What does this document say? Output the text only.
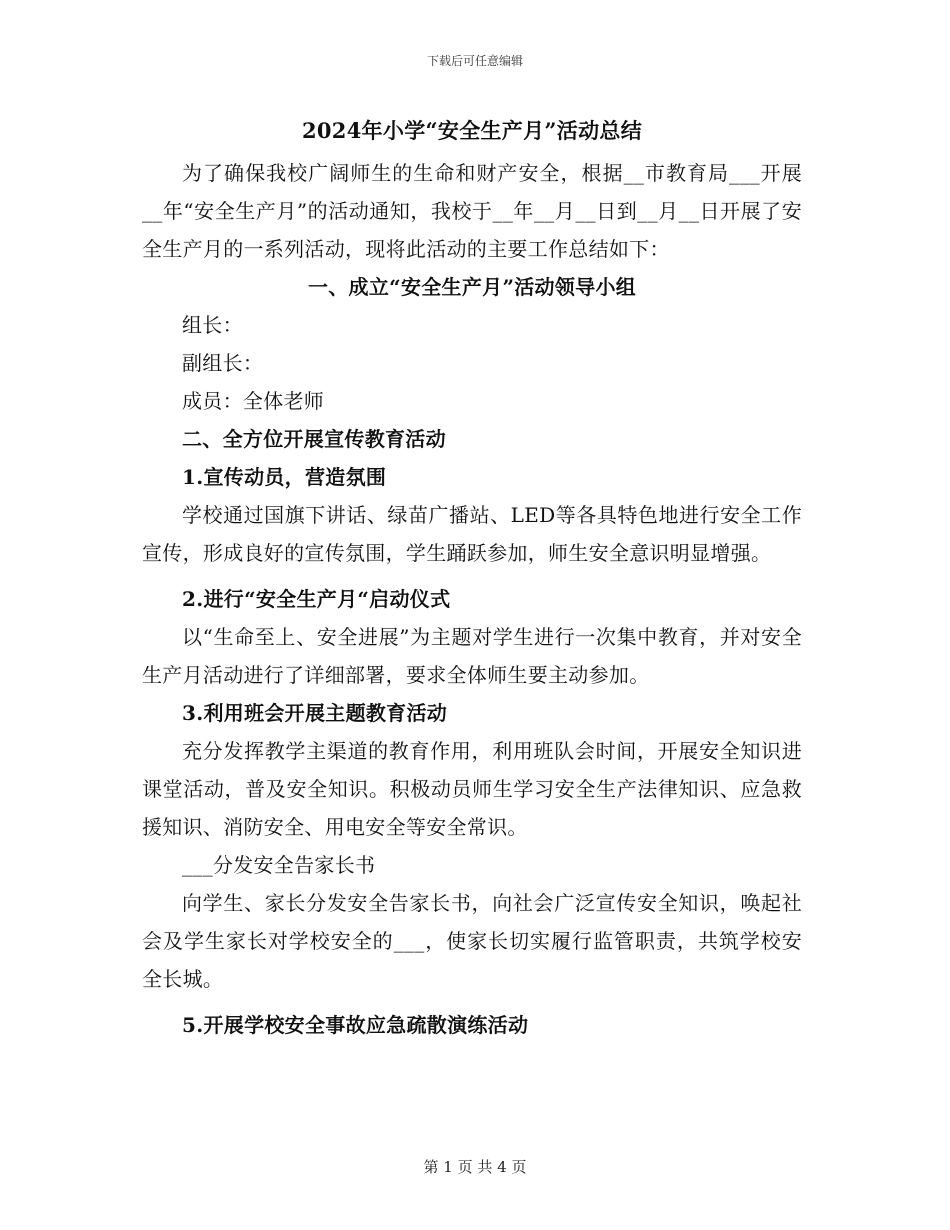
下载后可任意编辑

2024年小学“安全生产月”活动总结

为了确保我校广阔师生的生命和财产安全，根据__市教育局___开展__年“安全生产月”的活动通知，我校于__年__月__日到__月__日开展了安全生产月的一系列活动，现将此活动的主要工作总结如下：

一、成立“安全生产月”活动领导小组

组长：

副组长：

成员：全体老师

二、全方位开展宣传教育活动

1.宣传动员，营造氛围

学校通过国旗下讲话、绿苗广播站、LED等各具特色地进行安全工作宣传，形成良好的宣传氛围，学生踊跃参加，师生安全意识明显增强。

2.进行“安全生产月“启动仪式

以“生命至上、安全进展”为主题对学生进行一次集中教育，并对安全生产月活动进行了详细部署，要求全体师生要主动参加。

3.利用班会开展主题教育活动

充分发挥教学主渠道的教育作用，利用班队会时间，开展安全知识进课堂活动，普及安全知识。积极动员师生学习安全生产法律知识、应急救援知识、消防安全、用电安全等安全常识。

___分发安全告家长书

向学生、家长分发安全告家长书，向社会广泛宣传安全知识，唤起社会及学生家长对学校安全的___，使家长切实履行监管职责，共筑学校安全长城。

5.开展学校安全事故应急疏散演练活动

第 1 页 共 4 页
